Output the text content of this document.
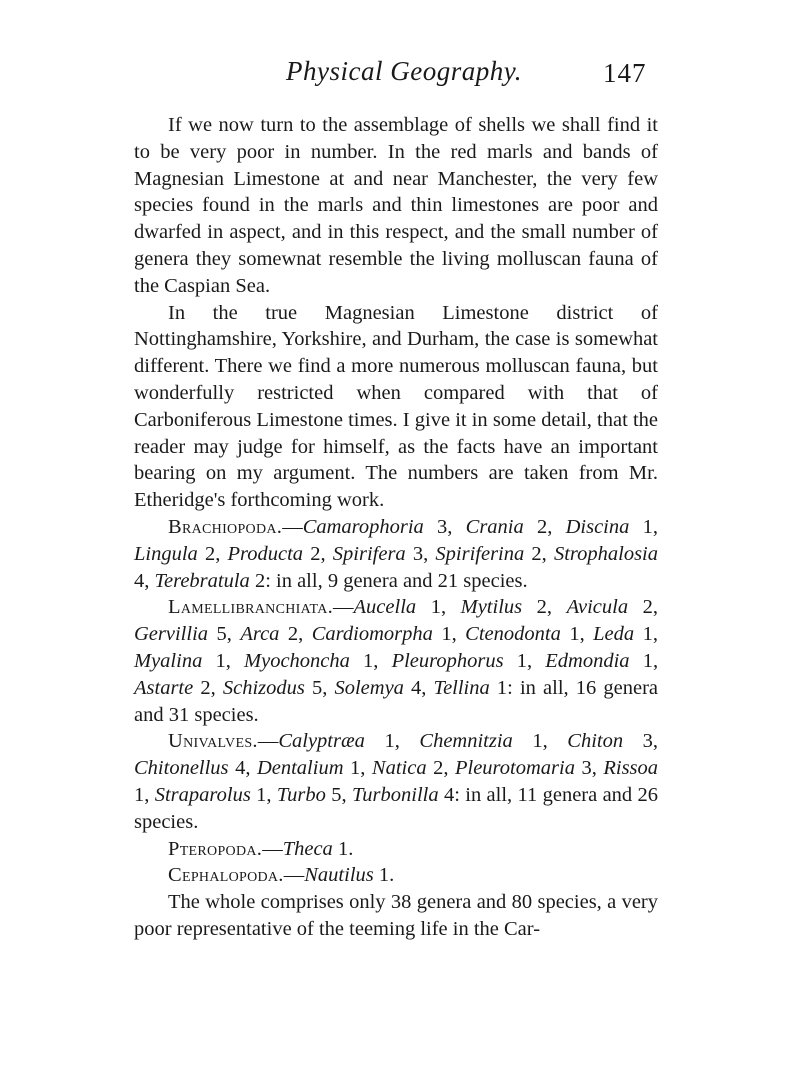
Physical Geography.	147

If we now turn to the assemblage of shells we shall find it to be very poor in number. In the red marls and bands of Magnesian Limestone at and near Manchester, the very few species found in the marls and thin limestones are poor and dwarfed in aspect, and in this respect, and the small number of genera they somewnat resemble the living molluscan fauna of the Caspian Sea.

In the true Magnesian Limestone district of Nottinghamshire, Yorkshire, and Durham, the case is somewhat different. There we find a more numerous molluscan fauna, but wonderfully restricted when compared with that of Carboniferous Limestone times. I give it in some detail, that the reader may judge for himself, as the facts have an important bearing on my argument. The numbers are taken from Mr. Etheridge's forthcoming work.

Brachiopoda.—Camarophoria 3, Crania 2, Discina 1, Lingula 2, Producta 2, Spirifera 3, Spiriferina 2, Strophalosia 4, Terebratula 2: in all, 9 genera and 21 species.

Lamellibranchiata.—Aucella 1, Mytilus 2, Avicula 2, Gervillia 5, Arca 2, Cardiomorpha 1, Ctenodonta 1, Leda 1, Myalina 1, Myochoncha 1, Pleurophorus 1, Edmondia 1, Astarte 2, Schizodus 5, Solemya 4, Tellina 1: in all, 16 genera and 31 species.

Univalves.—Calyptræa 1, Chemnitzia 1, Chiton 3, Chitonellus 4, Dentalium 1, Natica 2, Pleurotomaria 3, Rissoa 1, Straparolus 1, Turbo 5, Turbonilla 4: in all, 11 genera and 26 species.

Pteropoda.—Theca 1.

Cephalopoda.—Nautilus 1.

The whole comprises only 38 genera and 80 species, a very poor representative of the teeming life in the Car-
